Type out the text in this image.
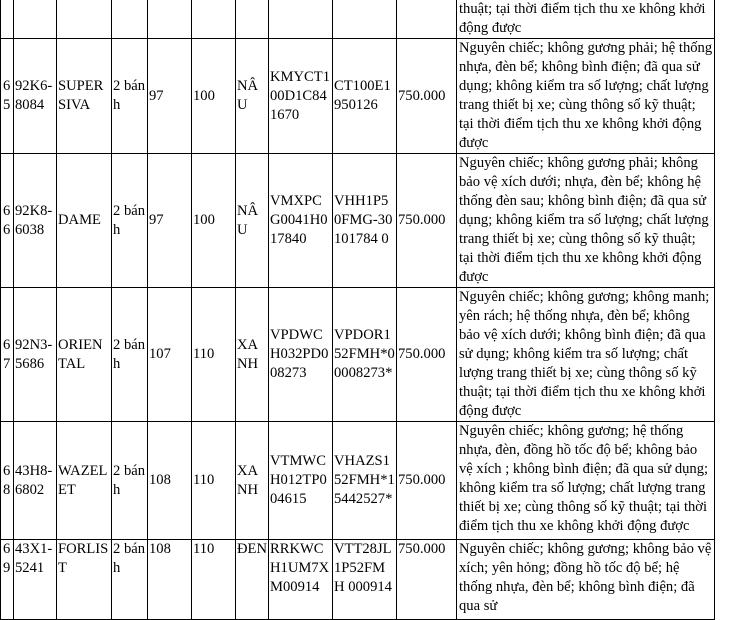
										thuật; tại thời điểm tịch thu xe không khởi động được
65	92K6-8084	SUPER SIVA	2 bánh	97	100	NÂU	KMYCT100D1C841670	CT100E1950126	750.000	Nguyên chiếc; không gương phải; hệ thống nhựa, đèn bể; không bình điện; đã qua sử dụng; không kiểm tra số lượng; chất lượng trang thiết bị xe; cùng thông số kỹ thuật; tại thời điểm tịch thu xe không khởi động được
66	92K8-6038	DAME	2 bánh	97	100	NÂU	VMXPCG0041H017840	VHH1P50FMG-30101784 0	750.000	Nguyên chiếc; không gương phải; không bảo vệ xích dưới; nhựa, đèn bể; không hệ thống đèn sau; không bình điện; đã qua sử dụng; không kiểm tra số lượng; chất lượng trang thiết bị xe; cùng thông số kỹ thuật; tại thời điểm tịch thu xe không khởi động được
67	92N3-5686	ORIENTAL	2 bánh	107	110	XANH	VPDWCH032PD008273	VPDOR152FMH*00008273*	750.000	Nguyên chiếc; không gương; không manh; yên rách; hệ thống nhựa, đèn bể; không bảo vệ xích dưới; không bình điện; đã qua sử dụng; không kiểm tra số lượng; chất lượng trang thiết bị xe; cùng thông số kỹ thuật; tại thời điểm tịch thu xe không khởi động được
68	43H8-6802	WAZELET	2 bánh	108	110	XANH	VTMWCH012TP004615	VHAZS152FMH*15442527*	750.000	Nguyên chiếc; không gương; hệ thống nhựa, đèn, đồng hồ tốc độ bể; không bảo vệ xích ; không bình điện; đã qua sử dụng; không kiểm tra số lượng; chất lượng trang thiết bị xe; cùng thông số kỹ thuật; tại thời điểm tịch thu xe không khởi động được
69	43X1-5241	FORLIST	2 bánh	108	110	ĐEN	RRKWCH1UM7XM00914	VTT28JL1P52FMH 000914	750.000	Nguyên chiếc; không gương; không bảo vệ xích; yên hỏng; đồng hồ tốc độ bể; hệ thống nhựa, đèn bể; không bình điện; đã qua sử
